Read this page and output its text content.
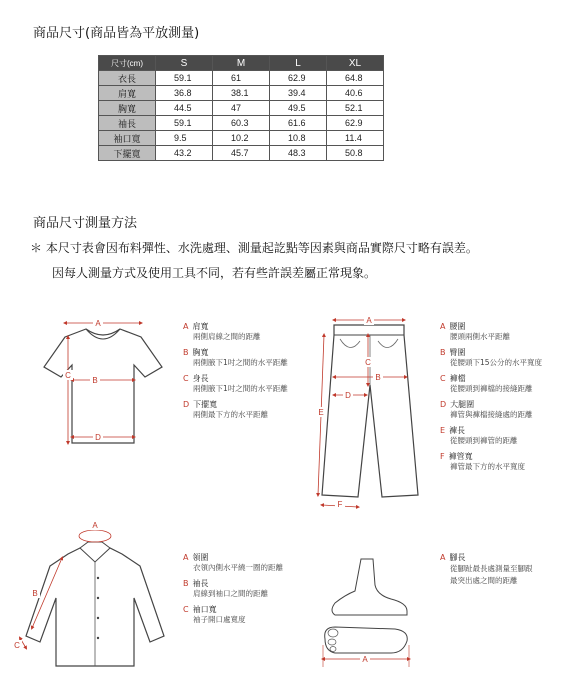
商品尺寸(商品皆為平放測量)
尺寸(cm)	S	M	L	XL
衣長	59.1	61	62.9	64.8
肩寬	36.8	38.1	39.4	40.6
胸寬	44.5	47	49.5	52.1
袖長	59.1	60.3	61.6	62.9
袖口寬	9.5	10.2	10.8	11.4
下擺寬	43.2	45.7	48.3	50.8
商品尺寸測量方法
＊ 本尺寸表會因布料彈性、水洗處理、測量起訖點等因素與商品實際尺寸略有誤差。
因每人測量方式及使用工具不同，若有些許誤差屬正常現象。
A
B
C
D
A 肩寬
兩側肩線之間的距離
B 胸寬
兩側腋下1吋之間的水平距離
C 身長
兩側腋下1吋之間的水平距離
D 下擺寬
兩側最下方的水平距離
A
B
C
D
E
F
A 腰圍
腰頭兩側水平距離
B 臀圍
從腰頭下15公分的水平寬度
C 褲檔
從腰頭到褲檔的接縫距離
D 大腿圍
褲管與褲檔接縫處的距離
E 褲長
從腰頭到褲管的距離
F 褲管寬
褲管最下方的水平寬度
A
B
C
A 領圍
衣領內側水平繞一圈的距離
B 袖長
肩線到袖口之間的距離
C 袖口寬
袖子開口處寬度
A
A 腳長
從腳趾最長處測量至腳跟
最突出處之間的距離
